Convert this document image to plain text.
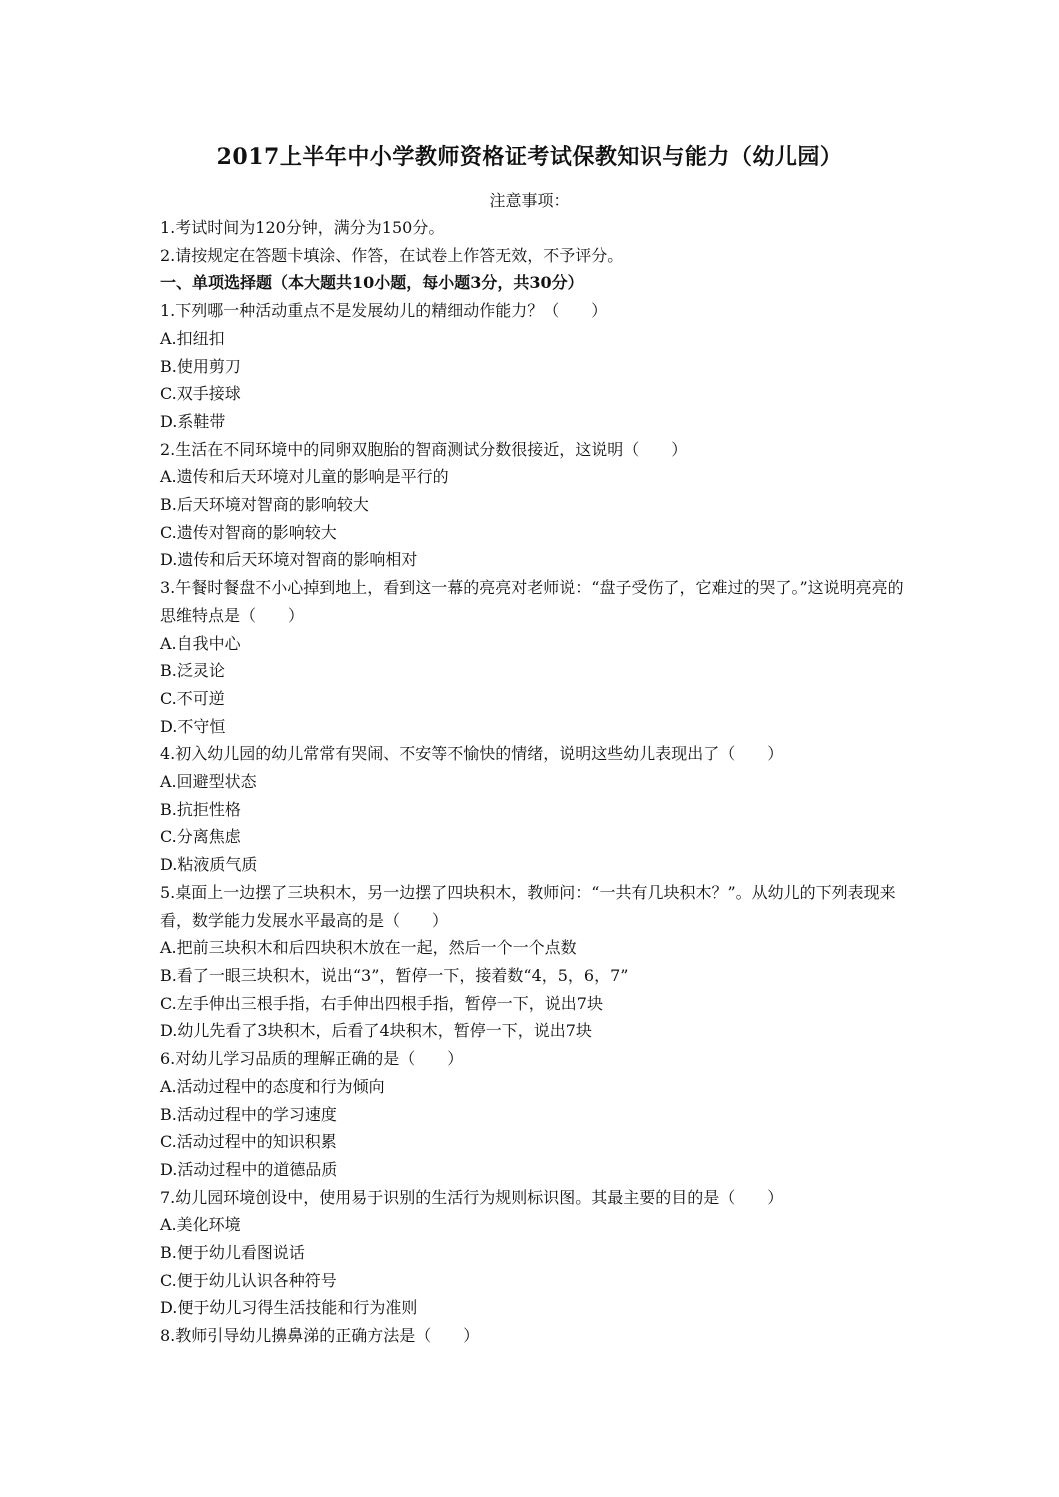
2017上半年中小学教师资格证考试保教知识与能力（幼儿园）
注意事项：
1.考试时间为120分钟，满分为150分。
2.请按规定在答题卡填涂、作答，在试卷上作答无效，不予评分。
一、单项选择题（本大题共10小题，每小题3分，共30分）
1.下列哪一种活动重点不是发展幼儿的精细动作能力？（　　）
A.扣纽扣
B.使用剪刀
C.双手接球
D.系鞋带
2.生活在不同环境中的同卵双胞胎的智商测试分数很接近，这说明（　　）
A.遗传和后天环境对儿童的影响是平行的
B.后天环境对智商的影响较大
C.遗传对智商的影响较大
D.遗传和后天环境对智商的影响相对
3.午餐时餐盘不小心掉到地上，看到这一幕的亮亮对老师说：“盘子受伤了，它难过的哭了。”这说明亮亮的思维特点是（　　）
A.自我中心
B.泛灵论
C.不可逆
D.不守恒
4.初入幼儿园的幼儿常常有哭闹、不安等不愉快的情绪，说明这些幼儿表现出了（　　）
A.回避型状态
B.抗拒性格
C.分离焦虑
D.粘液质气质
5.桌面上一边摆了三块积木，另一边摆了四块积木，教师问：“一共有几块积木？”。从幼儿的下列表现来看，数学能力发展水平最高的是（　　）
A.把前三块积木和后四块积木放在一起，然后一个一个点数
B.看了一眼三块积木，说出“3”，暂停一下，接着数“4，5，6，7”
C.左手伸出三根手指，右手伸出四根手指，暂停一下，说出7块
D.幼儿先看了3块积木，后看了4块积木，暂停一下，说出7块
6.对幼儿学习品质的理解正确的是（　　）
A.活动过程中的态度和行为倾向
B.活动过程中的学习速度
C.活动过程中的知识积累
D.活动过程中的道德品质
7.幼儿园环境创设中，使用易于识别的生活行为规则标识图。其最主要的目的是（　　）
A.美化环境
B.便于幼儿看图说话
C.便于幼儿认识各种符号
D.便于幼儿习得生活技能和行为准则
8.教师引导幼儿擤鼻涕的正确方法是（　　）
